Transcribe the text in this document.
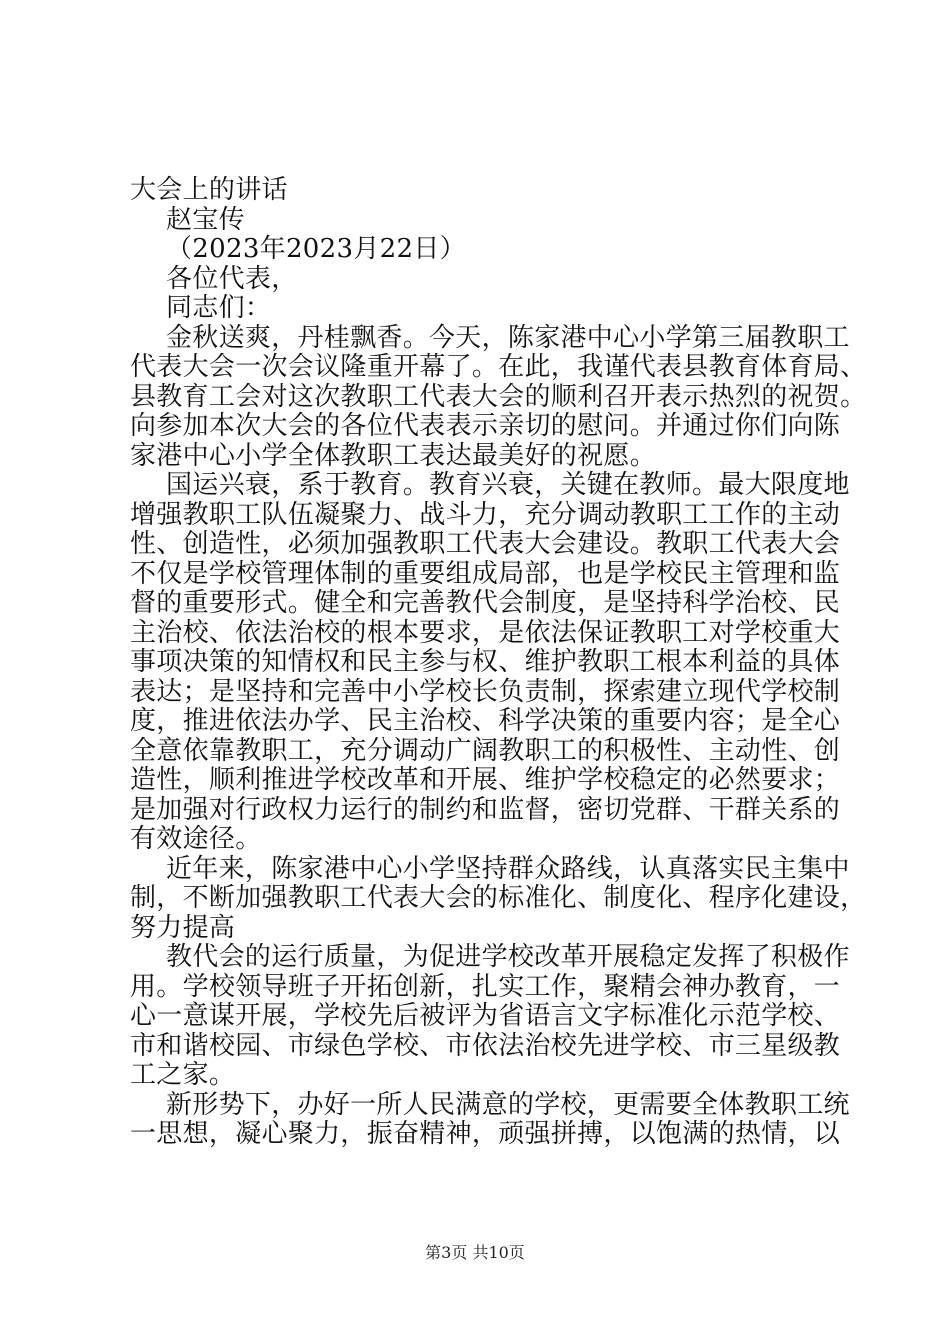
大会上的讲话
赵宝传
（2023年2023月22日）
各位代表，
同志们：
金秋送爽，丹桂飘香。今天，陈家港中心小学第三届教职工
代表大会一次会议隆重开幕了。在此，我谨代表县教育体育局、
县教育工会对这次教职工代表大会的顺利召开表示热烈的祝贺。
向参加本次大会的各位代表表示亲切的慰问。并通过你们向陈
家港中心小学全体教职工表达最美好的祝愿。
国运兴衰，系于教育。教育兴衰，关键在教师。最大限度地
增强教职工队伍凝聚力、战斗力，充分调动教职工工作的主动
性、创造性，必须加强教职工代表大会建设。教职工代表大会
不仅是学校管理体制的重要组成局部，也是学校民主管理和监
督的重要形式。健全和完善教代会制度，是坚持科学治校、民
主治校、依法治校的根本要求，是依法保证教职工对学校重大
事项决策的知情权和民主参与权、维护教职工根本利益的具体
表达；是坚持和完善中小学校长负责制，探索建立现代学校制
度，推进依法办学、民主治校、科学决策的重要内容；是全心
全意依靠教职工，充分调动广阔教职工的积极性、主动性、创
造性，顺利推进学校改革和开展、维护学校稳定的必然要求；
是加强对行政权力运行的制约和监督，密切党群、干群关系的
有效途径。
近年来，陈家港中心小学坚持群众路线，认真落实民主集中
制，不断加强教职工代表大会的标准化、制度化、程序化建设，
努力提高
教代会的运行质量，为促进学校改革开展稳定发挥了积极作
用。学校领导班子开拓创新，扎实工作，聚精会神办教育，一
心一意谋开展，学校先后被评为省语言文字标准化示范学校、
市和谐校园、市绿色学校、市依法治校先进学校、市三星级教
工之家。
新形势下，办好一所人民满意的学校，更需要全体教职工统
一思想，凝心聚力，振奋精神，顽强拼搏，以饱满的热情，以
第3页 共10页
